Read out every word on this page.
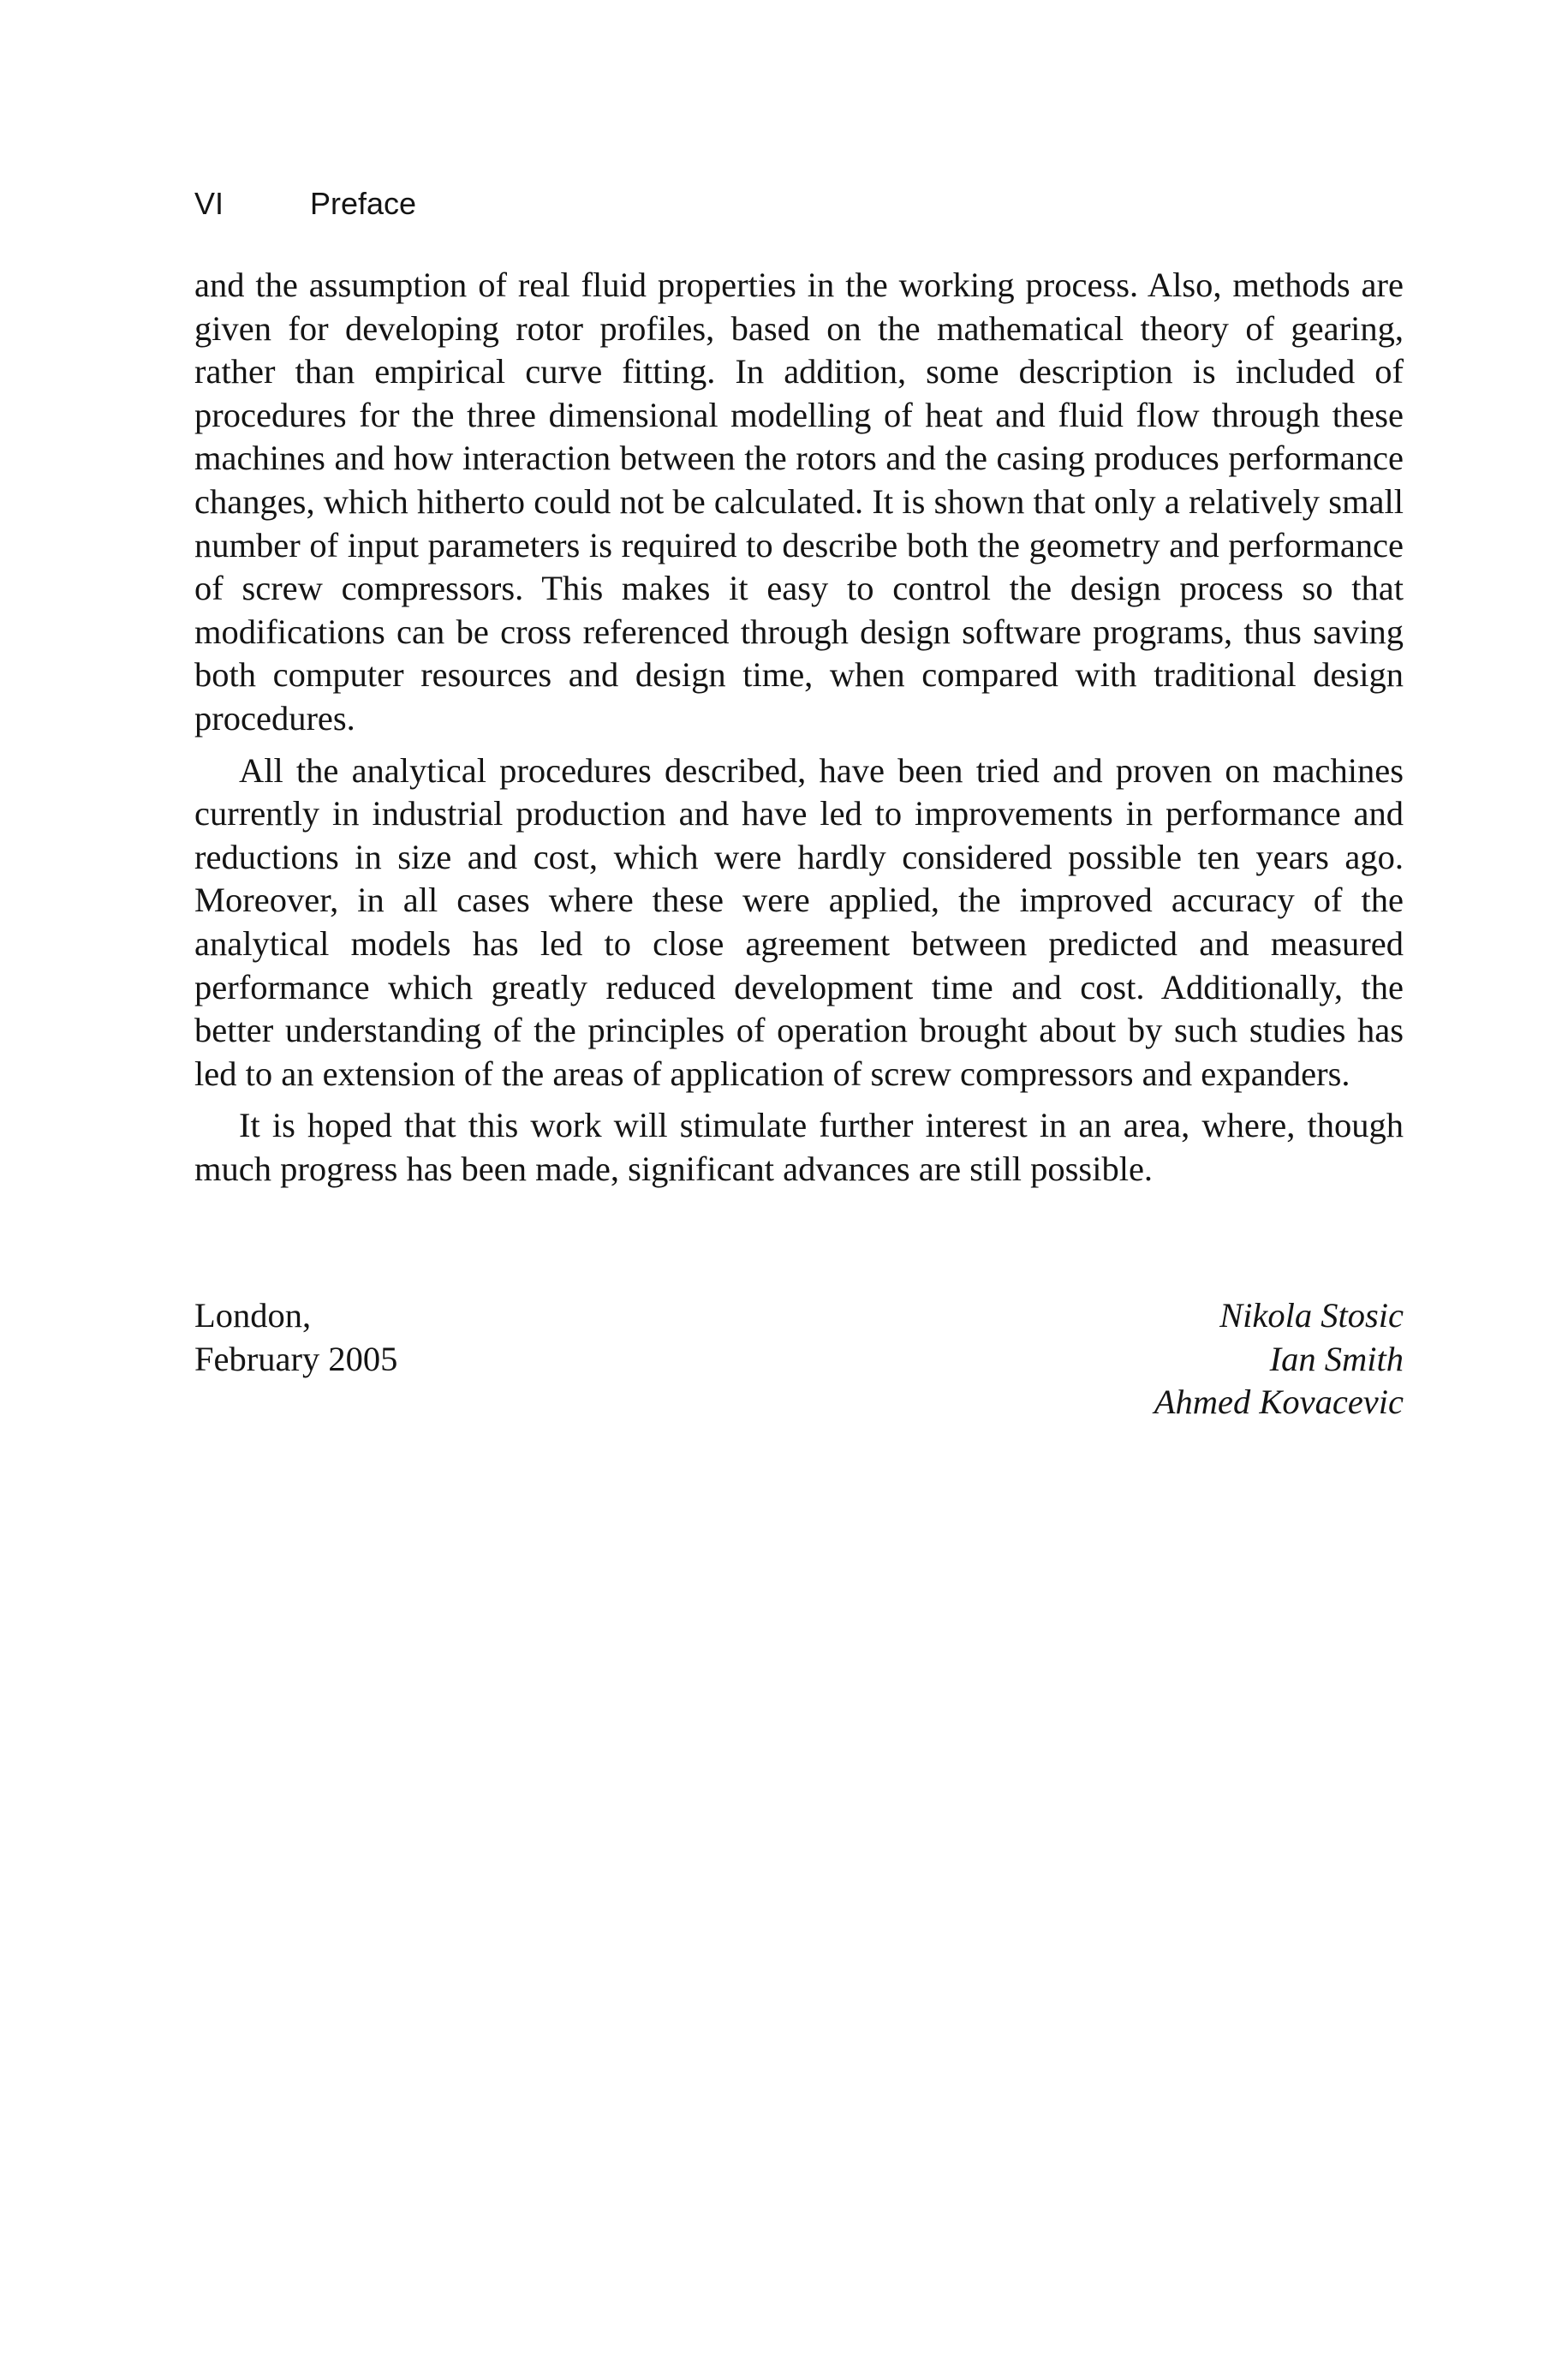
VI	Preface

and the assumption of real fluid properties in the working process. Also, methods are given for developing rotor profiles, based on the mathematical theory of gearing, rather than empirical curve fitting. In addition, some description is included of procedures for the three dimensional modelling of heat and fluid flow through these machines and how interaction between the rotors and the casing produces performance changes, which hitherto could not be calculated. It is shown that only a relatively small number of input parameters is required to describe both the geometry and performance of screw compressors. This makes it easy to control the design process so that modifications can be cross referenced through design software programs, thus saving both computer resources and design time, when compared with traditional design procedures.

All the analytical procedures described, have been tried and proven on machines currently in industrial production and have led to improvements in performance and reductions in size and cost, which were hardly considered possible ten years ago. Moreover, in all cases where these were applied, the improved accuracy of the analytical models has led to close agreement between predicted and measured performance which greatly reduced development time and cost. Additionally, the better understanding of the principles of operation brought about by such studies has led to an extension of the areas of application of screw compressors and expanders.

It is hoped that this work will stimulate further interest in an area, where, though much progress has been made, significant advances are still possible.

London,
February 2005
Nikola Stosic
Ian Smith
Ahmed Kovacevic
